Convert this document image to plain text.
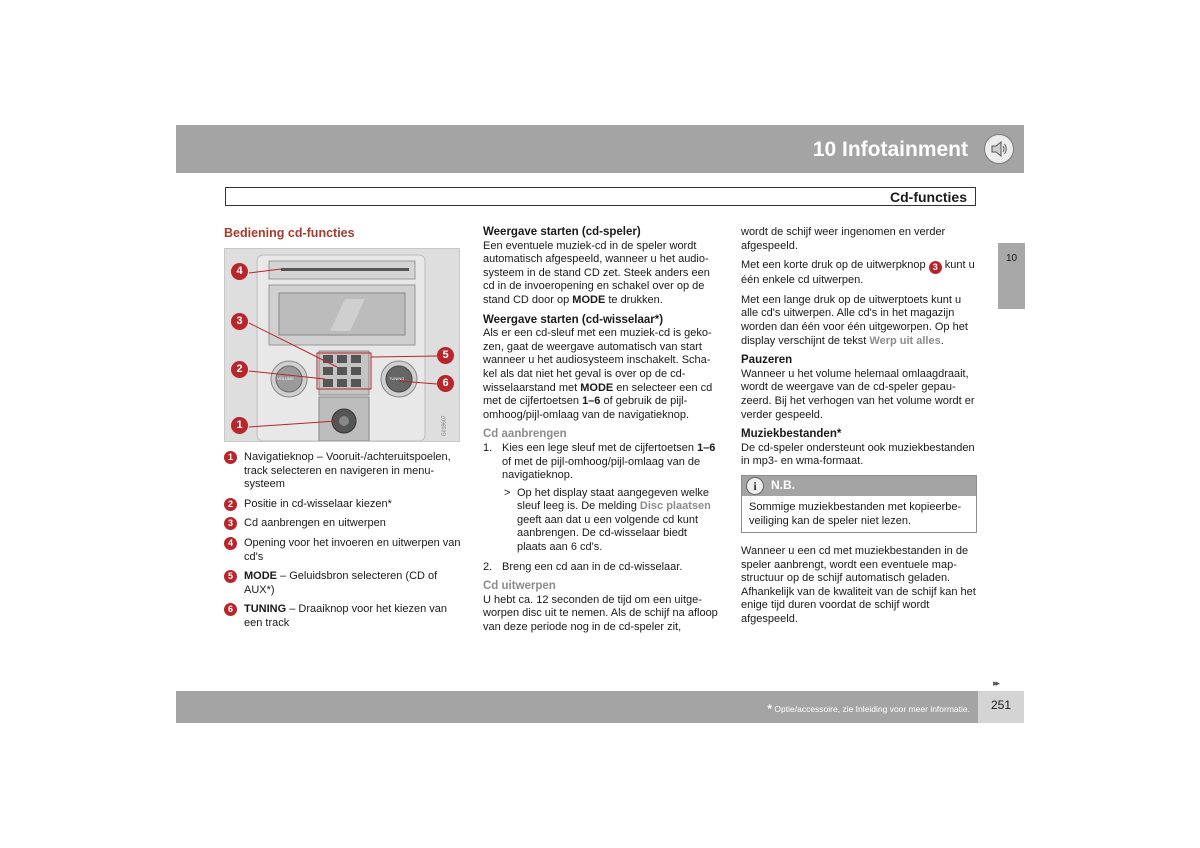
10 Infotainment
Cd-functies
10
Bediening cd-functies
4
3
2
1
5
6
G018607
VOLUME	TUNING
1	Navigatieknop – Vooruit-/achteruitspoelen, track selecteren en navigeren in menusysteem
2	Positie in cd-wisselaar kiezen*
3	Cd aanbrengen en uitwerpen
4	Opening voor het invoeren en uitwerpen van cd's
5	MODE – Geluidsbron selecteren (CD of AUX*)
6	TUNING – Draaiknop voor het kiezen van een track
Weergave starten (cd-speler)

Een eventuele muziek-cd in de speler wordt automatisch afgespeeld, wanneer u het audiosysteem in de stand CD zet. Steek anders een cd in de invoeropening en schakel over op de stand CD door op MODE te drukken.

Weergave starten (cd-wisselaar*)

Als er een cd-sleuf met een muziek-cd is gekozen, gaat de weergave automatisch van start wanneer u het audiosysteem inschakelt. Schakel als dat niet het geval is over op de cd-wisselaarstand met MODE en selecteer een cd met de cijfertoetsen 1–6 of gebruik de pijl-omhoog/pijl-omlaag van de navigatieknop.

Cd aanbrengen
1. Kies een lege sleuf met de cijfertoetsen 1–6 of met de pijl-omhoog/pijl-omlaag van de navigatieknop.
> Op het display staat aangegeven welke sleuf leeg is. De melding Disc plaatsen geeft aan dat u een volgende cd kunt aanbrengen. De cd-wisselaar biedt plaats aan 6 cd's.
2. Breng een cd aan in de cd-wisselaar.
Cd uitwerpen

U hebt ca. 12 seconden de tijd om een uitgeworpen disc uit te nemen. Als de schijf na afloop van deze periode nog in de cd-speler zit,

wordt de schijf weer ingenomen en verder afgespeeld.

Met een korte druk op de uitwerpknop 3 kunt u één enkele cd uitwerpen.

Met een lange druk op de uitwerptoets kunt u alle cd's uitwerpen. Alle cd's in het magazijn worden dan één voor één uitgeworpen. Op het display verschijnt de tekst Werp uit alles.

Pauzeren

Wanneer u het volume helemaal omlaagdraait, wordt de weergave van de cd-speler gepauzeerd. Bij het verhogen van het volume wordt er verder gespeeld.

Muziekbestanden*

De cd-speler ondersteunt ook muziekbestanden in mp3- en wma-formaat.

i	N.B.
Sommige muziekbestanden met kopieerbeveiliging kan de speler niet lezen.

Wanneer u een cd met muziekbestanden in de speler aanbrengt, wordt een eventuele mapstructuur op de schijf automatisch geladen. Afhankelijk van de kwaliteit van de schijf kan het enige tijd duren voordat de schijf wordt afgespeeld.

▸▸
* Optie/accessoire, zie Inleiding voor meer informatie.	251
